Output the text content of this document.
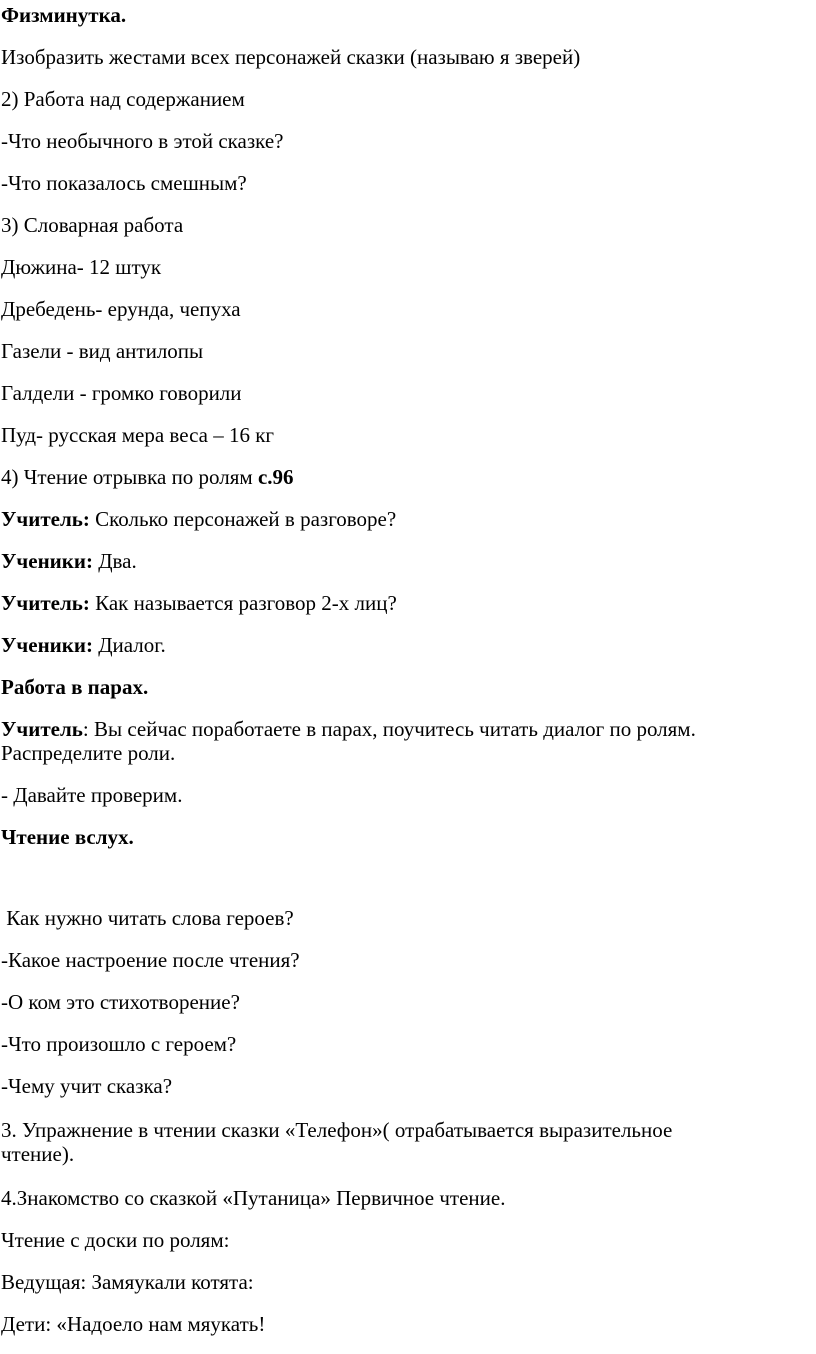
Физминутка.
Изобразить жестами всех персонажей сказки (называю я зверей)
2) Работа над содержанием
-Что необычного в этой сказке?
-Что показалось смешным?
3) Словарная работа
Дюжина- 12 штук
Дребедень- ерунда, чепуха
Газели - вид антилопы
Галдели - громко говорили
Пуд- русская мера веса – 16 кг
4) Чтение отрывка по ролям с.96
Учитель: Сколько персонажей в разговоре?
Ученики: Два.
Учитель: Как называется разговор 2-х лиц?
Ученики: Диалог.
Работа в парах.
Учитель: Вы сейчас поработаете в парах, поучитесь читать диалог по ролям.
Распределите роли.
- Давайте проверим.
Чтение вслух.
Как нужно читать слова героев?
-Какое настроение после чтения?
-О ком это стихотворение?
-Что произошло с героем?
-Чему учит сказка?
3. Упражнение в чтении сказки «Телефон»( отрабатывается выразительное
чтение).
4.Знакомство со сказкой «Путаница» Первичное чтение.
Чтение с доски по ролям:
Ведущая: Замяукали котята:
Дети: «Надоело нам мяукать!
